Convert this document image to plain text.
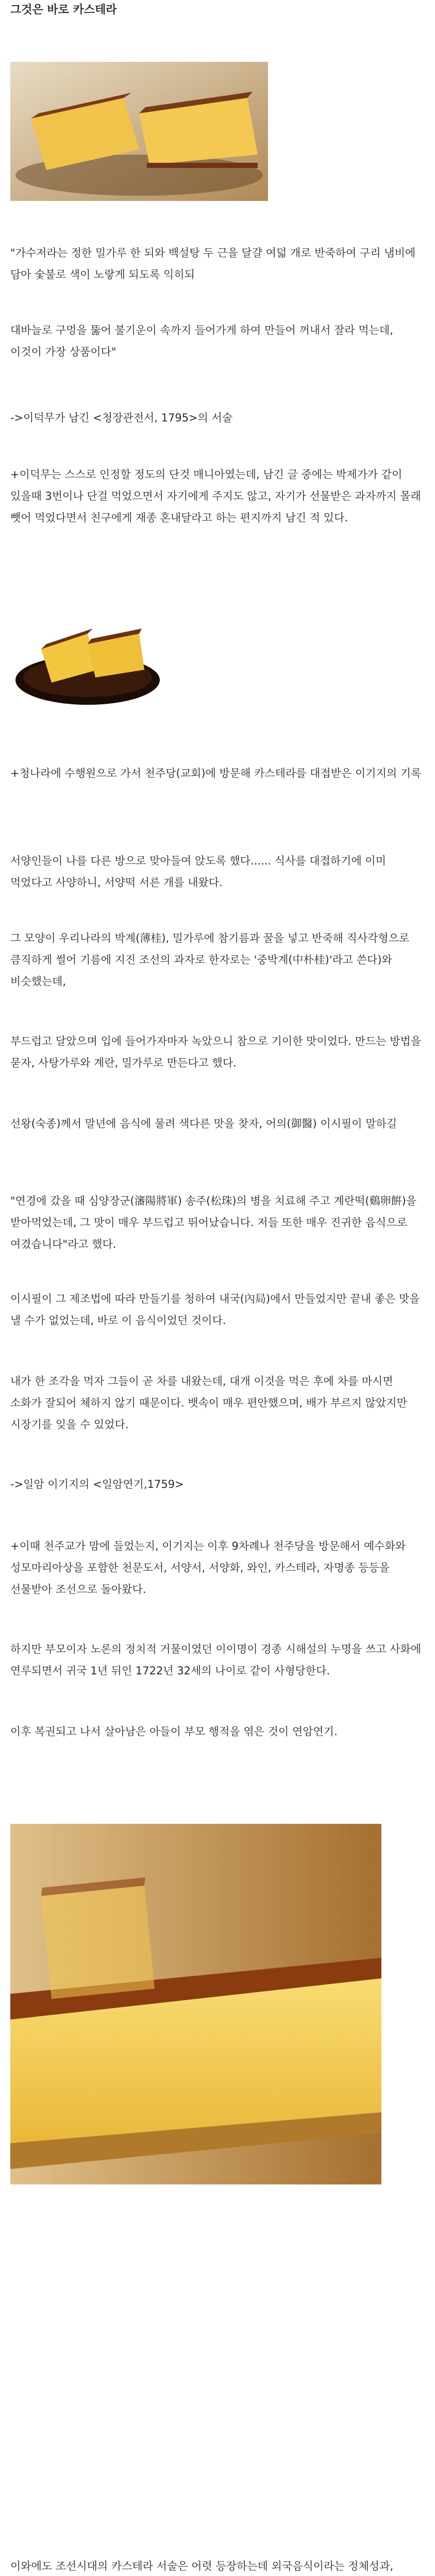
그것은 바로 카스테라

"가수저라는 정한 밀가루 한 되와 백설탕 두 근을 달걀 여덟 개로 반죽하여 구리 냄비에 담아 숯불로 색이 노랗게 되도록 익히되

대바늘로 구멍을 뚫어 불기운이 속까지 들어가게 하여 만들어 꺼내서 잘라 먹는데, 이것이 가장 상품이다"

->이덕무가 남긴 <청장관전서, 1795>의 서술

+이덕무는 스스로 인정할 정도의 단것 매니아였는데, 남긴 글 중에는 박제가가 같이 있을때 3번이나 단걸 먹었으면서 자기에게 주지도 않고, 자기가 선물받은 과자까지 몰래 뺏어 먹었다면서 친구에게 재종 혼내달라고 하는 편지까지 남긴 적 있다.

+청나라에 수행원으로 가서 천주당(교회)에 방문해 카스테라를 대접받은 이기지의 기록

서양인들이 나를 다른 방으로 맞아들여 앉도록 했다...... 식사를 대접하기에 이미 먹었다고 사양하니, 서양떡 서른 개를 내왔다.

그 모양이 우리나라의 박계(薄桂), 밀가루에 참기름과 꿀을 넣고 반죽해 직사각형으로 큼직하게 썰어 기름에 지진 조선의 과자로 한자로는 '중박계(中朴桂)'라고 쓴다)와 비슷했는데,

부드럽고 달았으며 입에 들어가자마자 녹았으니 참으로 기이한 맛이었다. 만드는 방법을 묻자, 사탕가루와 계란, 밀가루로 만든다고 했다.

선왕(숙종)께서 말년에 음식에 물려 색다른 맛을 찾자, 어의(御醫) 이시필이 말하길

"연경에 갔을 때 심양장군(瀋陽將軍) 송주(松珠)의 병을 치료해 주고 계란떡(鷄卵餠)을 받아먹었는데, 그 맛이 매우 부드럽고 뛰어났습니다. 저들 또한 매우 진귀한 음식으로 여겼습니다"라고 했다.

이시필이 그 제조법에 따라 만들기를 청하여 내국(內局)에서 만들었지만 끝내 좋은 맛을 낼 수가 없었는데, 바로 이 음식이었던 것이다.

내가 한 조각을 먹자 그들이 곧 차를 내왔는데, 대개 이것을 먹은 후에 차를 마시면 소화가 잘되어 체하지 않기 때문이다. 뱃속이 매우 편안했으며, 배가 부르지 않았지만 시장기를 잊을 수 있었다.

->일암 이기지의 <일암연기,1759>

+이때 천주교가 맘에 들었는지, 이기지는 이후 9차례나 천주당을 방문해서 예수화와 성모마리아상을 포함한 천문도서, 서양서, 서양화, 와인, 카스테라, 자명종 등등을 선물받아 조선으로 돌아왔다.

하지만 부모이자 노론의 정치적 거물이였던 이이명이 경종 시해설의 누명을 쓰고 사화에 연루되면서 귀국 1년 뒤인 1722년 32세의 나이로 같이 사형당한다.

이후 복권되고 나서 살아남은 아들이 부모 행적을 엮은 것이 연암연기.

이와에도 조선시대의 카스테라 서술은 어렷 등장하는데 외국음식이라는 정체성과,
